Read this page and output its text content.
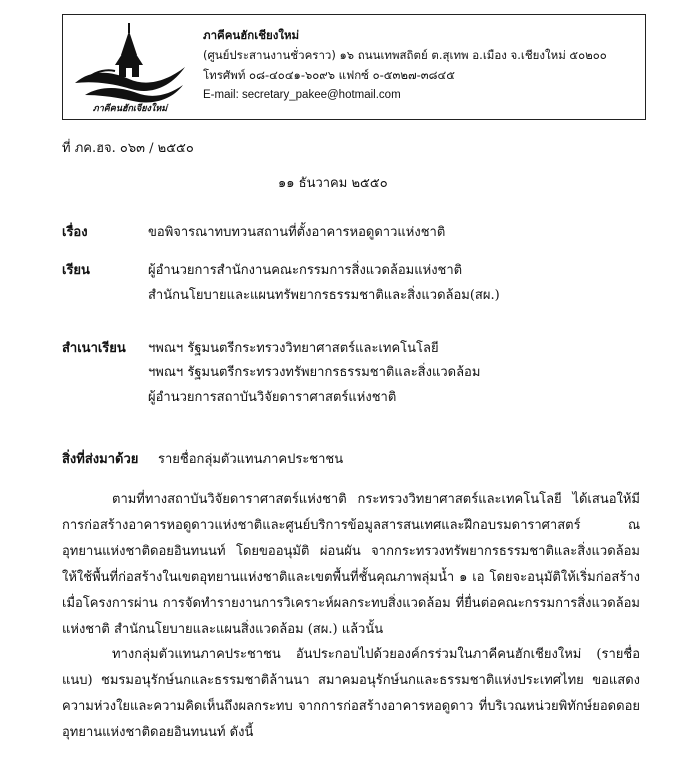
ภาคีคนฮักเจียงใหม่
ภาคีคนฮักเชียงใหม่
(ศูนย์ประสานงานชั่วคราว) ๑๖ ถนนเทพสถิตย์ ต.สุเทพ อ.เมือง จ.เชียงใหม่ ๕๐๒๐๐
โทรศัพท์ ๐๘-๔๐๔๑-๖๐๙๖ แฟกซ์ ๐-๕๓๒๗-๓๘๔๕
E-mail: secretary_pakee@hotmail.com
ที่ ภค.ฮจ. ๐๖๓ / ๒๕๕๐
๑๑ ธันวาคม ๒๕๕๐
เรื่อง	ขอพิจารณาทบทวนสถานที่ตั้งอาคารหอดูดาวแห่งชาติ
เรียน	ผู้อำนวยการสำนักงานคณะกรรมการสิ่งแวดล้อมแห่งชาติ
สำนักนโยบายและแผนทรัพยากรธรรมชาติและสิ่งแวดล้อม(สผ.)
สำเนาเรียน ฯพณฯ รัฐมนตรีกระทรวงวิทยาศาสตร์และเทคโนโลยี
ฯพณฯ รัฐมนตรีกระทรวงทรัพยากรธรรมชาติและสิ่งแวดล้อม
ผู้อำนวยการสถาบันวิจัยดาราศาสตร์แห่งชาติ
สิ่งที่ส่งมาด้วย รายชื่อกลุ่มตัวแทนภาคประชาชน
ตามที่ทางสถาบันวิจัยดาราศาสตร์แห่งชาติ กระทรวงวิทยาศาสตร์และเทคโนโลยี ได้เสนอให้มีการก่อสร้างอาคารหอดูดาวแห่งชาติและศูนย์บริการข้อมูลสารสนเทศและฝึกอบรมดาราศาสตร์ ณ อุทยานแห่งชาติดอยอินทนนท์ โดยขออนุมัติ ผ่อนผัน จากกระทรวงทรัพยากรธรรมชาติและสิ่งแวดล้อม ให้ใช้พื้นที่ก่อสร้างในเขตอุทยานแห่งชาติและเขตพื้นที่ชั้นคุณภาพลุ่มน้ำ ๑ เอ โดยจะอนุมัติให้เริ่มก่อสร้าง เมื่อโครงการผ่าน การจัดทำรายงานการวิเคราะห์ผลกระทบสิ่งแวดล้อม ที่ยื่นต่อคณะกรรมการสิ่งแวดล้อมแห่งชาติ สำนักนโยบายและแผนสิ่งแวดล้อม (สผ.) แล้วนั้น
ทางกลุ่มตัวแทนภาคประชาชน อันประกอบไปด้วยองค์กรร่วมในภาคีคนฮักเชียงใหม่ (รายชื่อแนบ) ชมรมอนุรักษ์นกและธรรมชาติล้านนา สมาคมอนุรักษ์นกและธรรมชาติแห่งประเทศไทย ขอแสดงความห่วงใยและความคิดเห็นถึงผลกระทบ จากการก่อสร้างอาคารหอดูดาว ที่บริเวณหน่วยพิทักษ์ยอดดอย อุทยานแห่งชาติดอยอินทนนท์ ดังนี้
